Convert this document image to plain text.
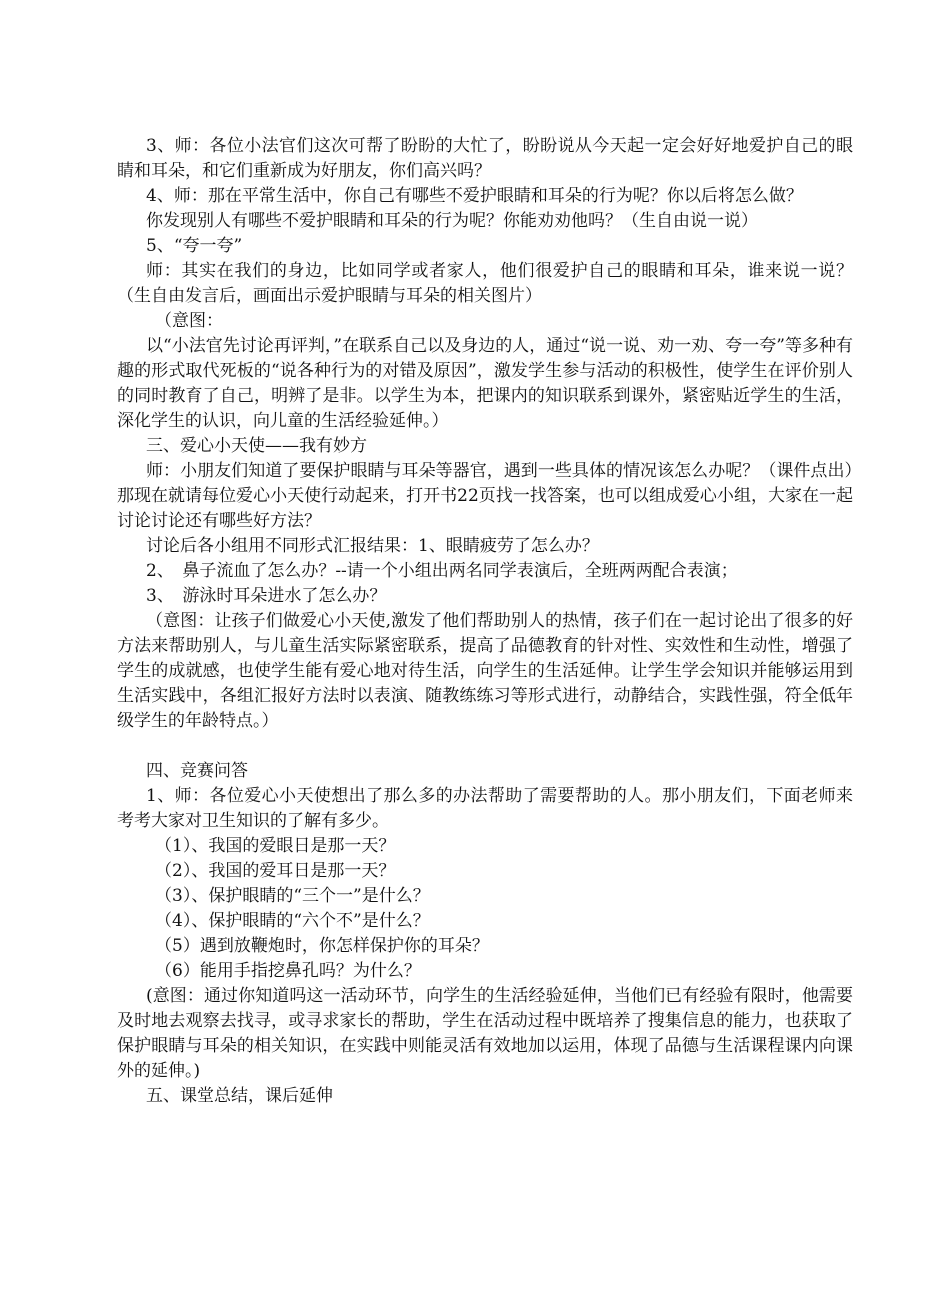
3、师：各位小法官们这次可帮了盼盼的大忙了，盼盼说从今天起一定会好好地爱护自己的眼睛和耳朵，和它们重新成为好朋友，你们高兴吗？

4、师：那在平常生活中，你自己有哪些不爱护眼睛和耳朵的行为呢？你以后将怎么做？

你发现别人有哪些不爱护眼睛和耳朵的行为呢？你能劝劝他吗？（生自由说一说）

5、“夸一夸”

师：其实在我们的身边，比如同学或者家人，他们很爱护自己的眼睛和耳朵，谁来说一说？（生自由发言后，画面出示爱护眼睛与耳朵的相关图片）

（意图：

以“小法官先讨论再评判，”在联系自己以及身边的人，通过“说一说、劝一劝、夸一夸”等多种有趣的形式取代死板的“说各种行为的对错及原因”，激发学生参与活动的积极性，使学生在评价别人的同时教育了自己，明辨了是非。以学生为本，把课内的知识联系到课外，紧密贴近学生的生活，深化学生的认识，向儿童的生活经验延伸。）

三、爱心小天使——我有妙方

师：小朋友们知道了要保护眼睛与耳朵等器官，遇到一些具体的情况该怎么办呢？（课件点出）那现在就请每位爱心小天使行动起来，打开书22页找一找答案，也可以组成爱心小组，大家在一起讨论讨论还有哪些好方法？

讨论后各小组用不同形式汇报结果：1、眼睛疲劳了怎么办？

2、　鼻子流血了怎么办？--请一个小组出两名同学表演后，全班两两配合表演；

3、　游泳时耳朵进水了怎么办？

（意图：让孩子们做爱心小天使,激发了他们帮助别人的热情，孩子们在一起讨论出了很多的好方法来帮助别人，与儿童生活实际紧密联系，提高了品德教育的针对性、实效性和生动性，增强了学生的成就感，也使学生能有爱心地对待生活，向学生的生活延伸。让学生学会知识并能够运用到生活实践中，各组汇报好方法时以表演、随教练练习等形式进行，动静结合，实践性强，符全低年级学生的年龄特点。）

四、竞赛问答

1、师：各位爱心小天使想出了那么多的办法帮助了需要帮助的人。那小朋友们，下面老师来考考大家对卫生知识的了解有多少。

（1）、我国的爱眼日是那一天？

（2）、我国的爱耳日是那一天？

（3）、保护眼睛的“三个一”是什么？

（4）、保护眼睛的“六个不”是什么？

（5）遇到放鞭炮时，你怎样保护你的耳朵？

（6）能用手指挖鼻孔吗？为什么？

(意图：通过你知道吗这一活动环节，向学生的生活经验延伸，当他们已有经验有限时，他需要及时地去观察去找寻，或寻求家长的帮助，学生在活动过程中既培养了搜集信息的能力，也获取了保护眼睛与耳朵的相关知识，在实践中则能灵活有效地加以运用，体现了品德与生活课程课内向课外的延伸。)

五、课堂总结，课后延伸
